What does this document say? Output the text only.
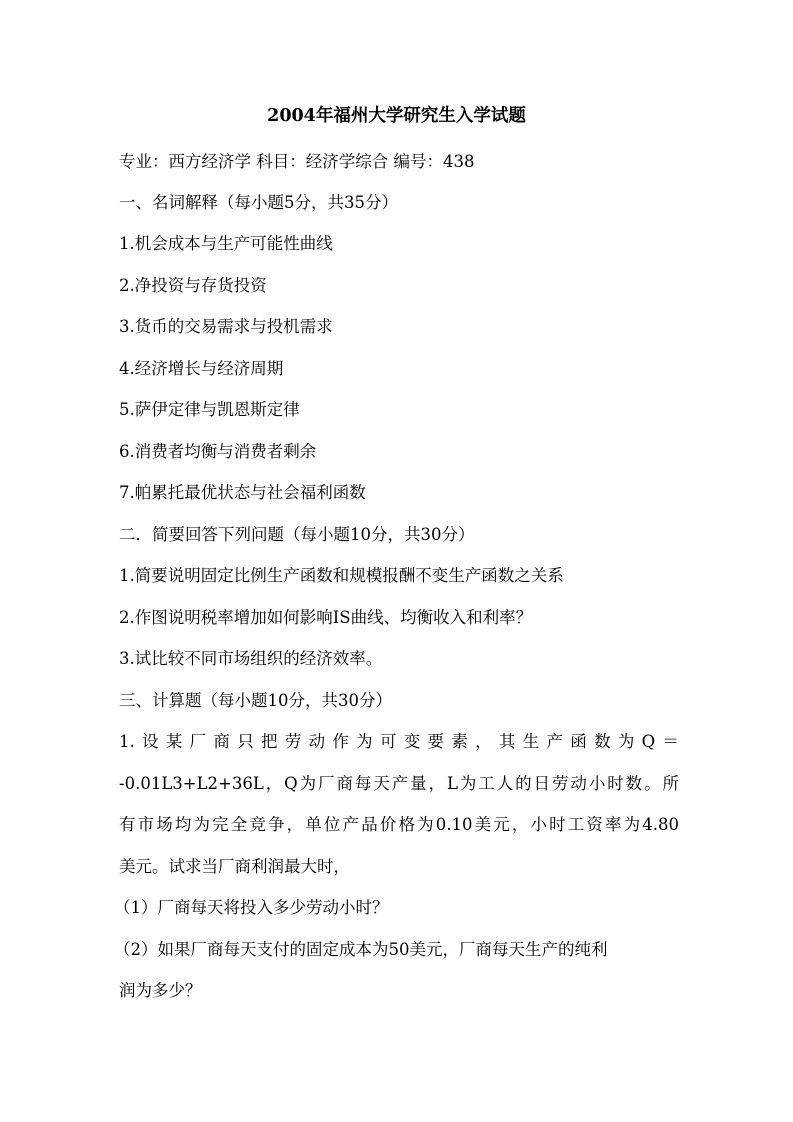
2004年福州大学研究生入学试题
专业：西方经济学 科目：经济学综合 编号：438
一、名词解释（每小题5分，共35分）
1.机会成本与生产可能性曲线
2.净投资与存货投资
3.货币的交易需求与投机需求
4.经济增长与经济周期
5.萨伊定律与凯恩斯定律
6.消费者均衡与消费者剩余
7.帕累托最优状态与社会福利函数
二．简要回答下列问题（每小题10分，共30分）
1.简要说明固定比例生产函数和规模报酬不变生产函数之关系
2.作图说明税率增加如何影响IS曲线、均衡收入和利率？
3.试比较不同市场组织的经济效率。
三、计算题（每小题10分，共30分）
1.设某厂商只把劳动作为可变要素，其生产函数为Q＝
-0.01L3+L2+36L，Q为厂商每天产量，L为工人的日劳动小时数。所
有市场均为完全竞争，单位产品价格为0.10美元，小时工资率为4.80
美元。试求当厂商利润最大时，
（1）厂商每天将投入多少劳动小时？
（2）如果厂商每天支付的固定成本为50美元，厂商每天生产的纯利
润为多少？
